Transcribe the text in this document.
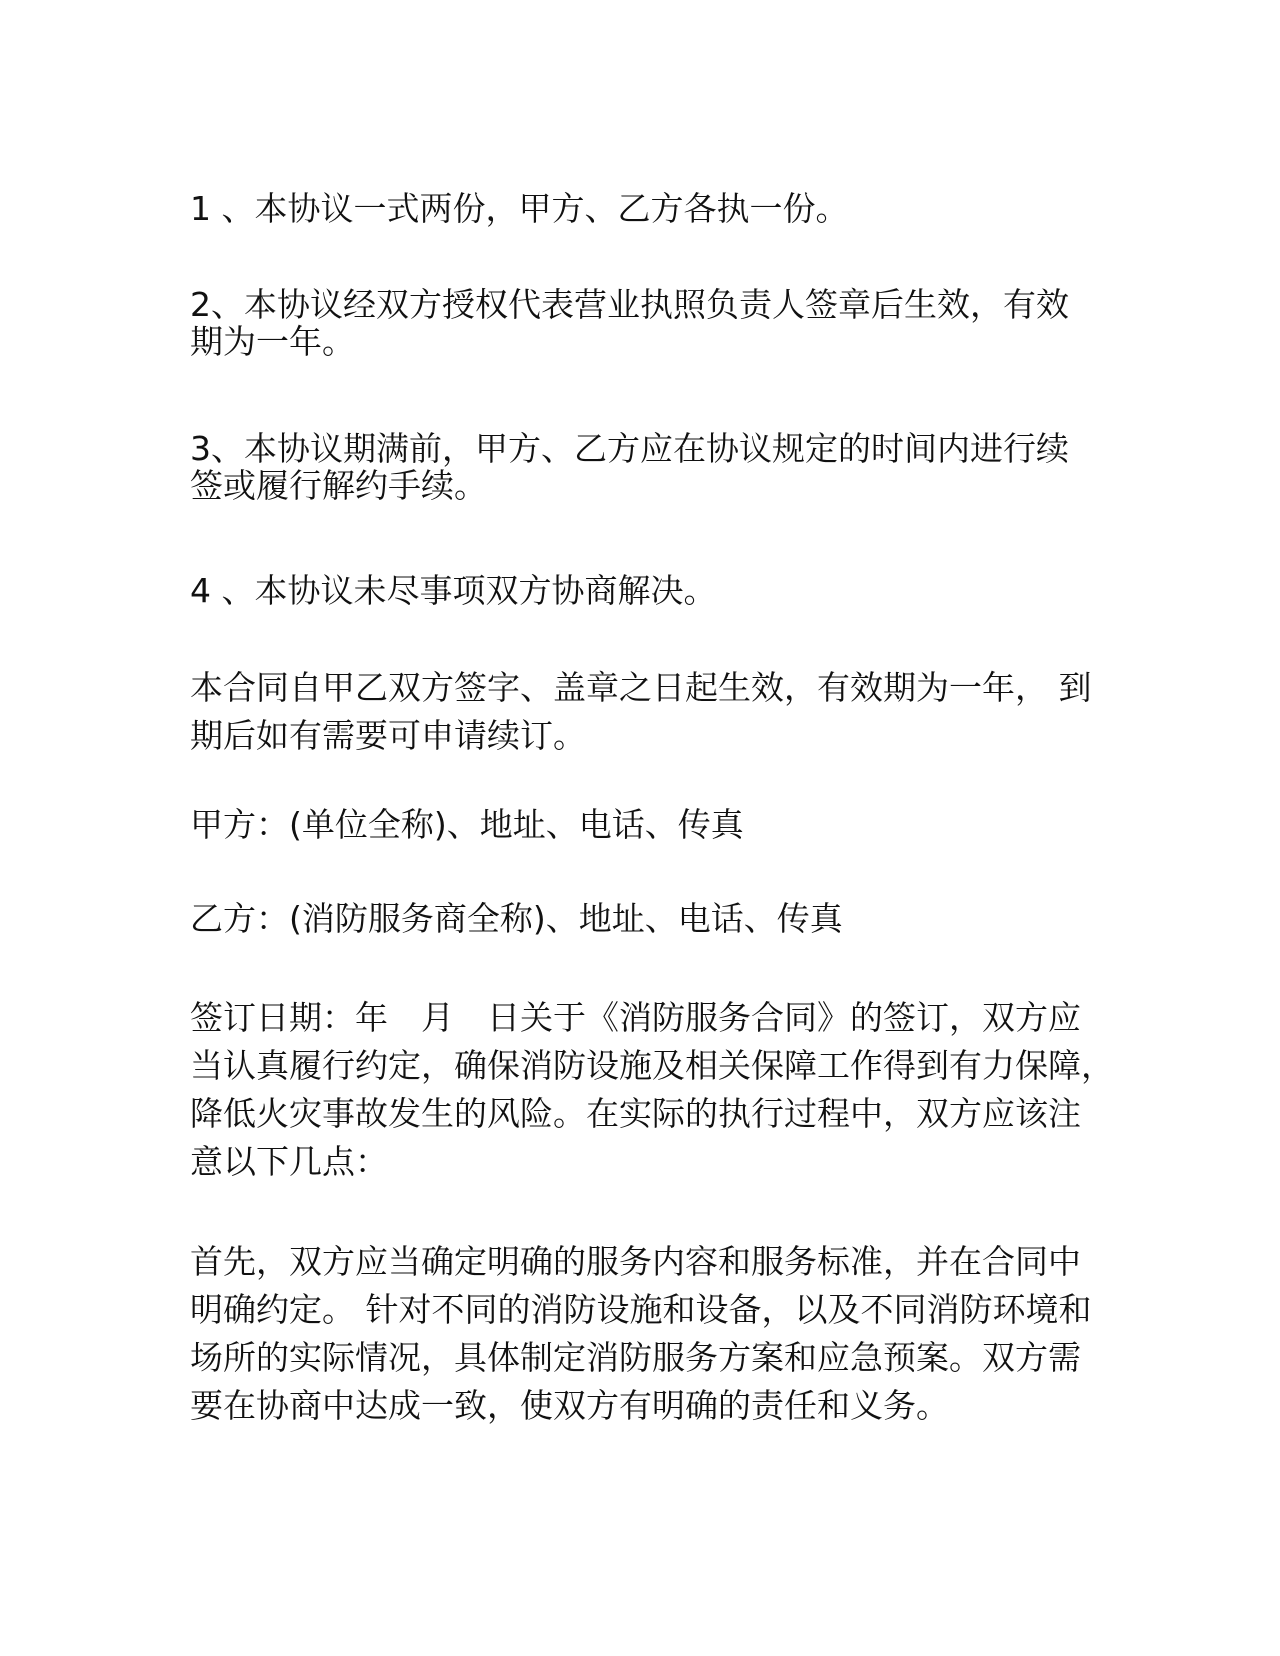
1 、本协议一式两份，甲方、乙方各执一份。

2、本协议经双方授权代表营业执照负责人签章后生效，有效
期为一年。

3、本协议期满前，甲方、乙方应在协议规定的时间内进行续
签或履行解约手续。

4 、本协议未尽事项双方协商解决。

本合同自甲乙双方签字、盖章之日起生效，有效期为一年， 到
期后如有需要可申请续订。

甲方：(单位全称)、地址、电话、传真

乙方：(消防服务商全称)、地址、电话、传真

签订日期：年　月　日关于《消防服务合同》的签订，双方应
当认真履行约定，确保消防设施及相关保障工作得到有力保障，
降低火灾事故发生的风险。在实际的执行过程中，双方应该注
意以下几点：

首先，双方应当确定明确的服务内容和服务标准，并在合同中
明确约定。 针对不同的消防设施和设备，以及不同消防环境和
场所的实际情况，具体制定消防服务方案和应急预案。双方需
要在协商中达成一致，使双方有明确的责任和义务。
